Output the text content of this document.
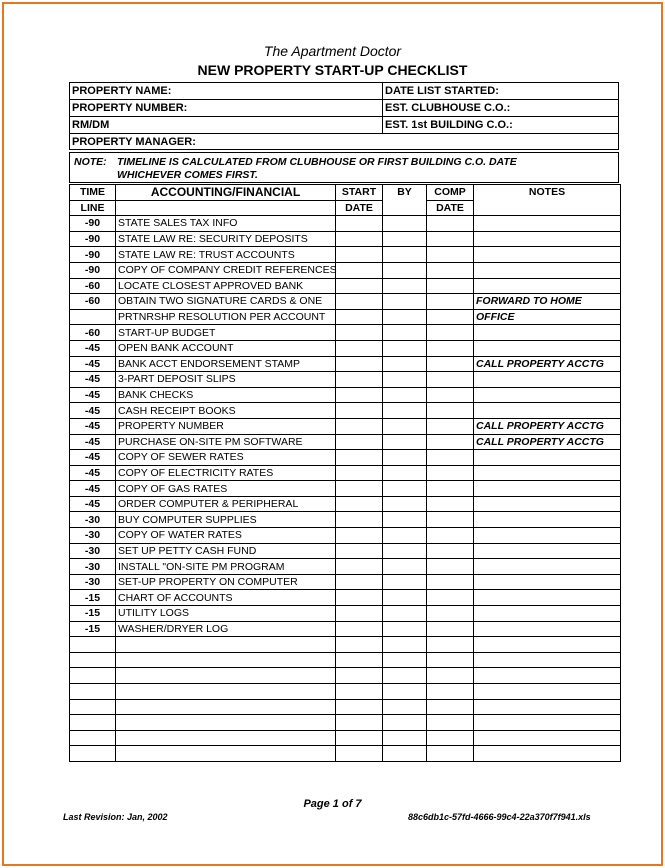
The Apartment Doctor
NEW PROPERTY START-UP CHECKLIST
PROPERTY NAME:	DATE LIST STARTED:
PROPERTY NUMBER:	EST. CLUBHOUSE C.O.:
RM/DM	EST. 1st BUILDING C.O.:
PROPERTY MANAGER:
NOTE: TIMELINE IS CALCULATED FROM CLUBHOUSE OR FIRST BUILDING C.O. DATE
WHICHEVER COMES FIRST.
TIME	ACCOUNTING/FINANCIAL	START	BY	COMP	NOTES
LINE		DATE		DATE	
-90	STATE SALES TAX INFO				
-90	STATE LAW RE: SECURITY DEPOSITS				
-90	STATE LAW RE: TRUST ACCOUNTS				
-90	COPY OF COMPANY CREDIT REFERENCES				
-60	LOCATE CLOSEST APPROVED BANK				
-60	OBTAIN TWO SIGNATURE CARDS & ONE				FORWARD TO HOME
	PRTNRSHP RESOLUTION PER ACCOUNT				OFFICE
-60	START-UP BUDGET				
-45	OPEN BANK ACCOUNT				
-45	BANK ACCT ENDORSEMENT STAMP				CALL PROPERTY ACCTG
-45	3-PART DEPOSIT SLIPS				
-45	BANK CHECKS				
-45	CASH RECEIPT BOOKS				
-45	PROPERTY NUMBER				CALL PROPERTY ACCTG
-45	PURCHASE ON-SITE PM SOFTWARE				CALL PROPERTY ACCTG
-45	COPY OF SEWER RATES				
-45	COPY OF ELECTRICITY RATES				
-45	COPY OF GAS RATES				
-45	ORDER COMPUTER & PERIPHERAL				
-30	BUY COMPUTER SUPPLIES				
-30	COPY OF WATER RATES				
-30	SET UP PETTY CASH FUND				
-30	INSTALL "ON-SITE PM PROGRAM				
-30	SET-UP PROPERTY ON COMPUTER				
-15	CHART OF ACCOUNTS				
-15	UTILITY LOGS				
-15	WASHER/DRYER LOG				

Page 1 of 7
Last Revision: Jan, 2002	88c6db1c-57fd-4666-99c4-22a370f7f941.xls
